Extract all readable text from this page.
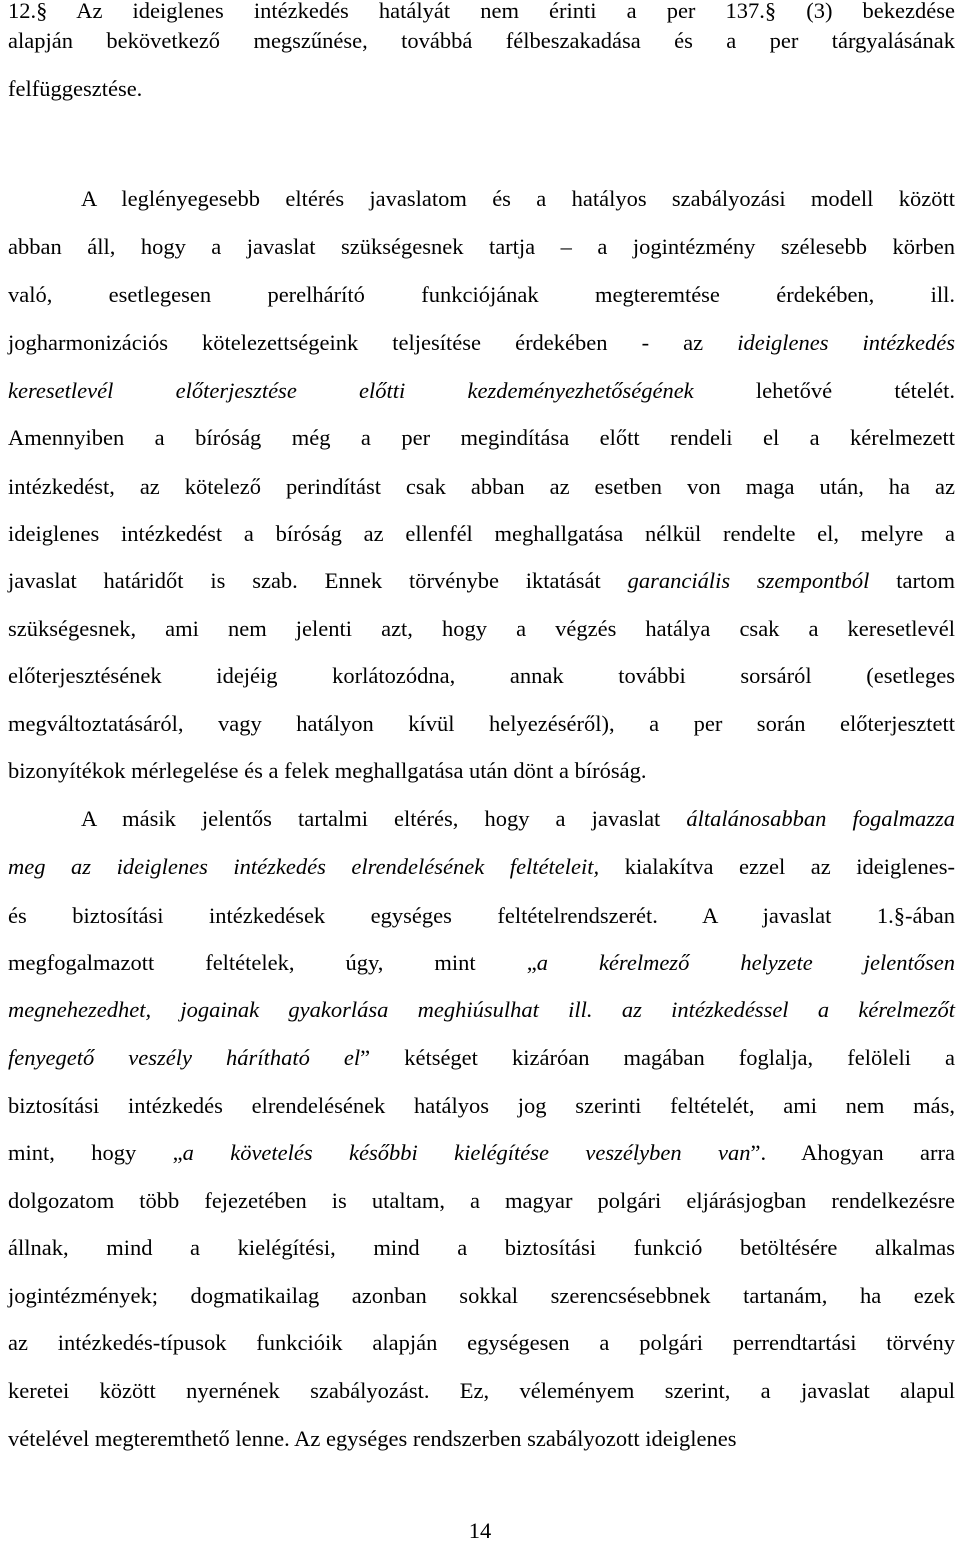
12.§ Az ideiglenes intézkedés hatályát nem érinti a per 137.§ (3) bekezdése
alapján bekövetkező megszűnése, továbbá félbeszakadása és a per tárgyalásának
felfüggesztése.
A leglényegesebb eltérés javaslatom és a hatályos szabályozási modell között
abban áll, hogy a javaslat szükségesnek tartja – a jogintézmény szélesebb körben
való, esetlegesen perelhárító funkciójának megteremtése érdekében, ill.
jogharmonizációs kötelezettségeink teljesítése érdekében - az ideiglenes intézkedés
keresetlevél előterjesztése előtti kezdeményezhetőségének lehetővé tételét.
Amennyiben a bíróság még a per megindítása előtt rendeli el a kérelmezett
intézkedést, az kötelező perindítást csak abban az esetben von maga után, ha az
ideiglenes intézkedést a bíróság az ellenfél meghallgatása nélkül rendelte el, melyre a
javaslat határidőt is szab. Ennek törvénybe iktatását garanciális szempontból tartom
szükségesnek, ami nem jelenti azt, hogy a végzés hatálya csak a keresetlevél
előterjesztésének idejéig korlátozódna, annak további sorsáról (esetleges
megváltoztatásáról, vagy hatályon kívül helyezéséről), a per során előterjesztett
bizonyítékok mérlegelése és a felek meghallgatása után dönt a bíróság.
A másik jelentős tartalmi eltérés, hogy a javaslat általánosabban fogalmazza
meg az ideiglenes intézkedés elrendelésének feltételeit, kialakítva ezzel az ideiglenes-
és biztosítási intézkedések egységes feltételrendszerét. A javaslat 1.§-ában
megfogalmazott feltételek, úgy, mint „a kérelmező helyzete jelentősen
megnehezedhet, jogainak gyakorlása meghiúsulhat ill. az intézkedéssel a kérelmezőt
fenyegető veszély hárítható el” kétséget kizáróan magában foglalja, felöleli a
biztosítási intézkedés elrendelésének hatályos jog szerinti feltételét, ami nem más,
mint, hogy „a követelés későbbi kielégítése veszélyben van”. Ahogyan arra
dolgozatom több fejezetében is utaltam, a magyar polgári eljárásjogban rendelkezésre
állnak, mind a kielégítési, mind a biztosítási funkció betöltésére alkalmas
jogintézmények; dogmatikailag azonban sokkal szerencsésebbnek tartanám, ha ezek
az intézkedés-típusok funkcióik alapján egységesen a polgári perrendtartási törvény
keretei között nyernének szabályozást. Ez, véleményem szerint, a javaslat alapul
vételével megteremthető lenne. Az egységes rendszerben szabályozott ideiglenes
14
